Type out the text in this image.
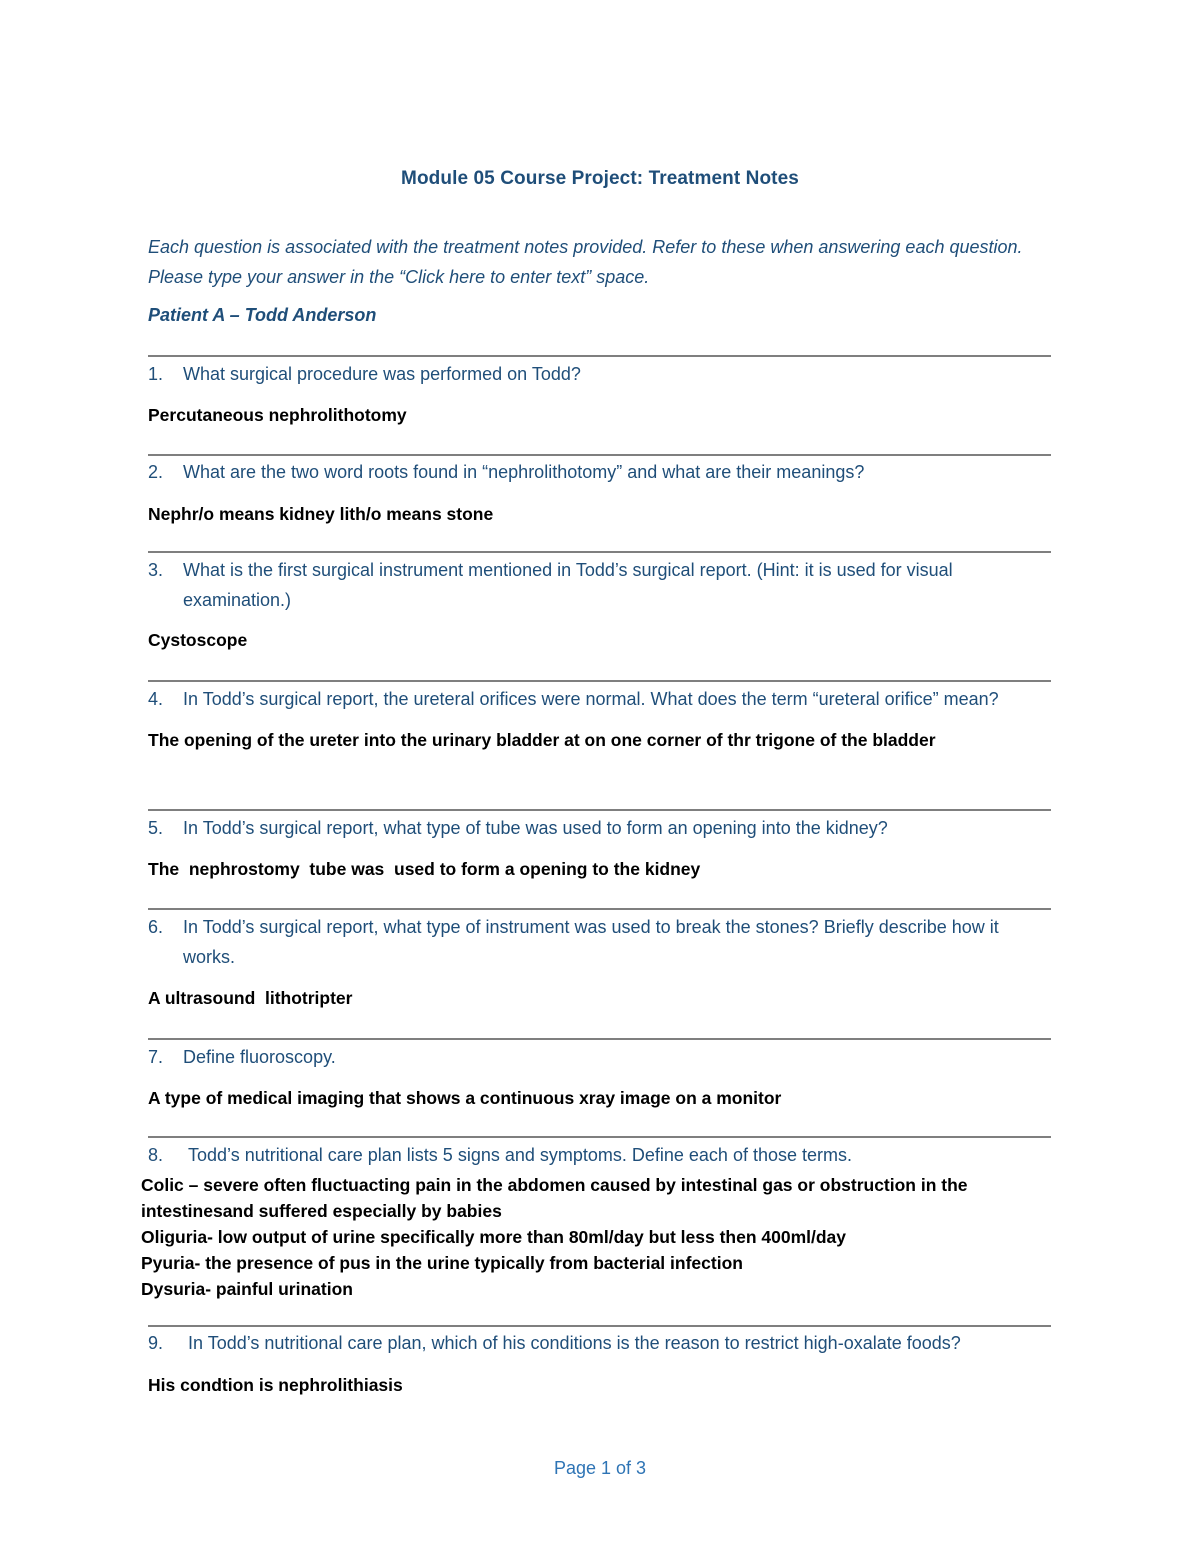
Module 05 Course Project: Treatment Notes
Each question is associated with the treatment notes provided. Refer to these when answering each question. Please type your answer in the “Click here to enter text” space.
Patient A – Todd Anderson
1.	What surgical procedure was performed on Todd?
Percutaneous nephrolithotomy
2.	What are the two word roots found in “nephrolithotomy” and what are their meanings?
Nephr/o means kidney lith/o means stone
3.	What is the first surgical instrument mentioned in Todd’s surgical report. (Hint: it is used for visual examination.)
Cystoscope
4.	In Todd’s surgical report, the ureteral orifices were normal. What does the term “ureteral orifice” mean?
The opening of the ureter into the urinary bladder at on one corner of thr trigone of the bladder
5.	In Todd’s surgical report, what type of tube was used to form an opening into the kidney?
The  nephrostomy  tube was  used to form a opening to the kidney
6.	In Todd’s surgical report, what type of instrument was used to break the stones? Briefly describe how it works.
A ultrasound  lithotripter
7.	Define fluoroscopy.
A type of medical imaging that shows a continuous xray image on a monitor
8.	Todd’s nutritional care plan lists 5 signs and symptoms. Define each of those terms.
Colic – severe often fluctuacting pain in the abdomen caused by intestinal gas or obstruction in the intestinesand suffered especially by babies
Oliguria- low output of urine specifically more than 80ml/day but less then 400ml/day
Pyuria- the presence of pus in the urine typically from bacterial infection
Dysuria- painful urination
9.	In Todd’s nutritional care plan, which of his conditions is the reason to restrict high-oxalate foods?
His condtion is nephrolithiasis
Page 1 of 3
